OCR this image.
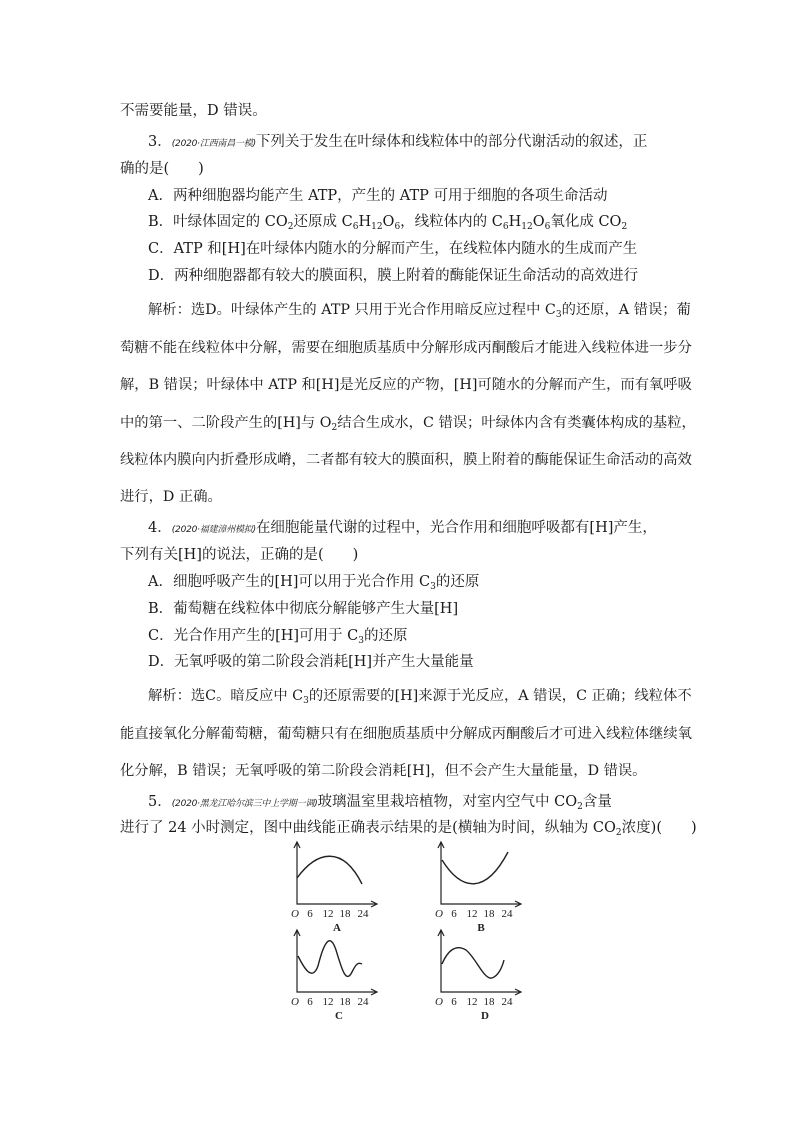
不需要能量，D 错误。
3．(2020·江西南昌一模)下列关于发生在叶绿体和线粒体中的部分代谢活动的叙述，正
确的是(　　)
A．两种细胞器均能产生 ATP，产生的 ATP 可用于细胞的各项生命活动
B．叶绿体固定的 $CO_2$还原成 $C_6H_{12}O_6$，线粒体内的 $C_6H_{12}O_6$氧化成 $CO_2$
C．ATP 和[H]在叶绿体内随水的分解而产生，在线粒体内随水的生成而产生
D．两种细胞器都有较大的膜面积，膜上附着的酶能保证生命活动的高效进行
解析：选D。叶绿体产生的 ATP 只用于光合作用暗反应过程中 $C_3$的还原，A 错误；葡
萄糖不能在线粒体中分解，需要在细胞质基质中分解形成丙酮酸后才能进入线粒体进一步分
解，B 错误；叶绿体中 ATP 和[H]是光反应的产物，[H]可随水的分解而产生，而有氧呼吸
中的第一、二阶段产生的[H]与 $O_2$结合生成水，C 错误；叶绿体内含有类囊体构成的基粒，
线粒体内膜向内折叠形成嵴，二者都有较大的膜面积，膜上附着的酶能保证生命活动的高效
进行，D 正确。
4．(2020·福建漳州模拟)在细胞能量代谢的过程中，光合作用和细胞呼吸都有[H]产生，
下列有关[H]的说法，正确的是(　　)
A．细胞呼吸产生的[H]可以用于光合作用 $C_3$的还原
B．葡萄糖在线粒体中彻底分解能够产生大量[H]
C．光合作用产生的[H]可用于 $C_3$的还原
D．无氧呼吸的第二阶段会消耗[H]并产生大量能量
解析：选C。暗反应中 $C_3$的还原需要的[H]来源于光反应，A 错误，C 正确；线粒体不
能直接氧化分解葡萄糖，葡萄糖只有在细胞质基质中分解成丙酮酸后才可进入线粒体继续氧
化分解，B 错误；无氧呼吸的第二阶段会消耗[H]，但不会产生大量能量，D 错误。
5．(2020·黑龙江哈尔滨三中上学期一调)玻璃温室里栽培植物，对室内空气中 $CO_2$含量
进行了 24 小时测定，图中曲线能正确表示结果的是(横轴为时间，纵轴为 $CO_2$浓度)(　　)
O 6 12 18 24
A
O 6 12 18 24
B
O 6 12 18 24
C
O 6 12 18 24
D
